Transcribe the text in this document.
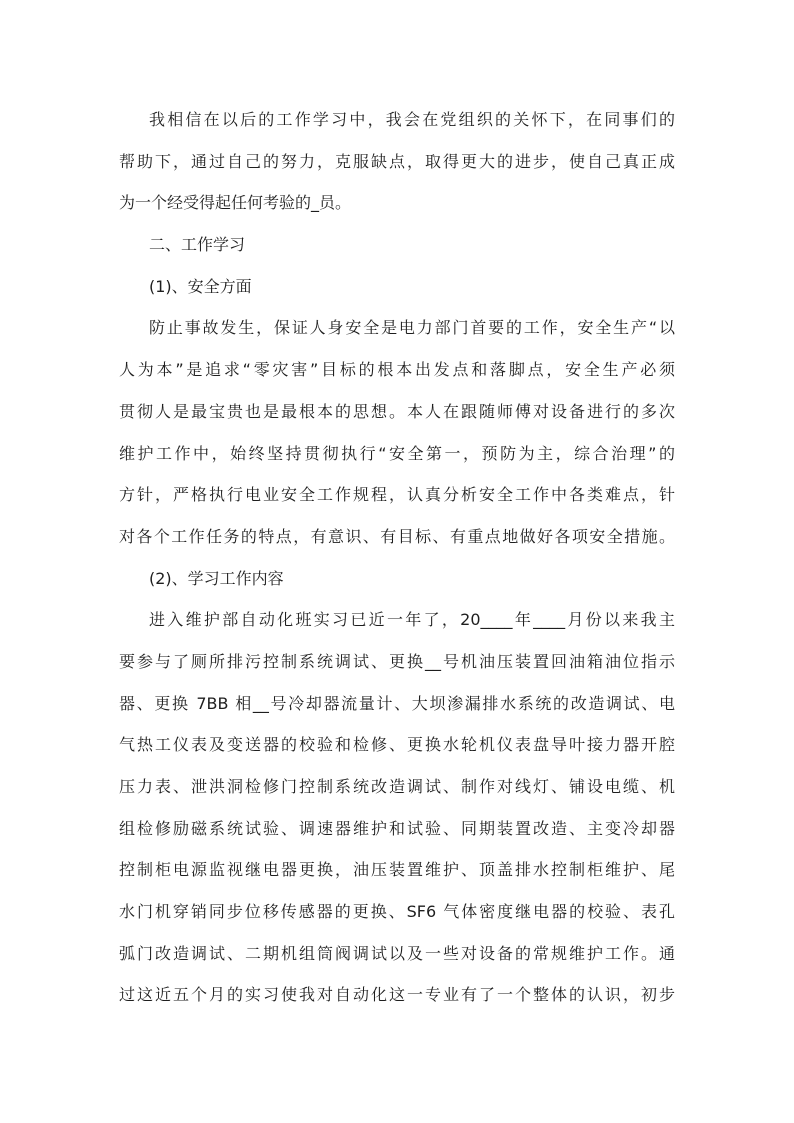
我相信在以后的工作学习中，我会在党组织的关怀下，在同事们的
帮助下，通过自己的努力，克服缺点，取得更大的进步，使自己真正成
为一个经受得起任何考验的_员。
二、工作学习
(1)、安全方面
防止事故发生，保证人身安全是电力部门首要的工作，安全生产“以
人为本”是追求“零灾害”目标的根本出发点和落脚点，安全生产必须
贯彻人是最宝贵也是最根本的思想。本人在跟随师傅对设备进行的多次
维护工作中，始终坚持贯彻执行“安全第一，预防为主，综合治理”的
方针，严格执行电业安全工作规程，认真分析安全工作中各类难点，针
对各个工作任务的特点，有意识、有目标、有重点地做好各项安全措施。
(2)、学习工作内容
进入维护部自动化班实习已近一年了，20____年____月份以来我主
要参与了厕所排污控制系统调试、更换__号机油压装置回油箱油位指示
器、更换 7BB 相__号冷却器流量计、大坝渗漏排水系统的改造调试、电
气热工仪表及变送器的校验和检修、更换水轮机仪表盘导叶接力器开腔
压力表、泄洪洞检修门控制系统改造调试、制作对线灯、铺设电缆、机
组检修励磁系统试验、调速器维护和试验、同期装置改造、主变冷却器
控制柜电源监视继电器更换，油压装置维护、顶盖排水控制柜维护、尾
水门机穿销同步位移传感器的更换、SF6 气体密度继电器的校验、表孔
弧门改造调试、二期机组筒阀调试以及一些对设备的常规维护工作。通
过这近五个月的实习使我对自动化这一专业有了一个整体的认识，初步
